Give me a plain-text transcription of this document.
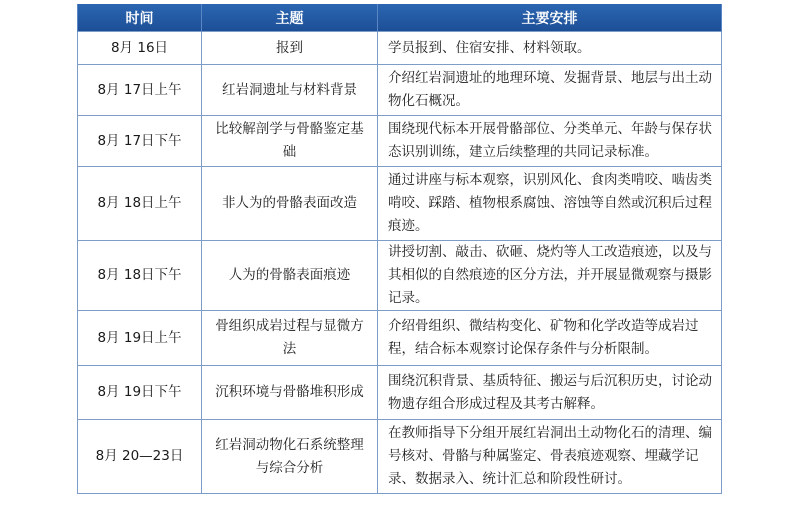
时间	主题	主要安排
8月 16日	报到	学员报到、住宿安排、材料领取。
8月 17日上午	红岩洞遗址与材料背景	介绍红岩洞遗址的地理环境、发掘背景、地层与出土动物化石概况。
8月 17日下午	比较解剖学与骨骼鉴定基础	围绕现代标本开展骨骼部位、分类单元、年龄与保存状态识别训练，建立后续整理的共同记录标准。
8月 18日上午	非人为的骨骼表面改造	通过讲座与标本观察，识别风化、食肉类啃咬、啮齿类啃咬、踩踏、植物根系腐蚀、溶蚀等自然或沉积后过程痕迹。
8月 18日下午	人为的骨骼表面痕迹	讲授切割、敲击、砍砸、烧灼等人工改造痕迹，以及与其相似的自然痕迹的区分方法，并开展显微观察与摄影记录。
8月 19日上午	骨组织成岩过程与显微方法	介绍骨组织、微结构变化、矿物和化学改造等成岩过程，结合标本观察讨论保存条件与分析限制。
8月 19日下午	沉积环境与骨骼堆积形成	围绕沉积背景、基质特征、搬运与后沉积历史，讨论动物遗存组合形成过程及其考古解释。
8月 20—23日	红岩洞动物化石系统整理与综合分析	在教师指导下分组开展红岩洞出土动物化石的清理、编号核对、骨骼与种属鉴定、骨表痕迹观察、埋藏学记录、数据录入、统计汇总和阶段性研讨。
